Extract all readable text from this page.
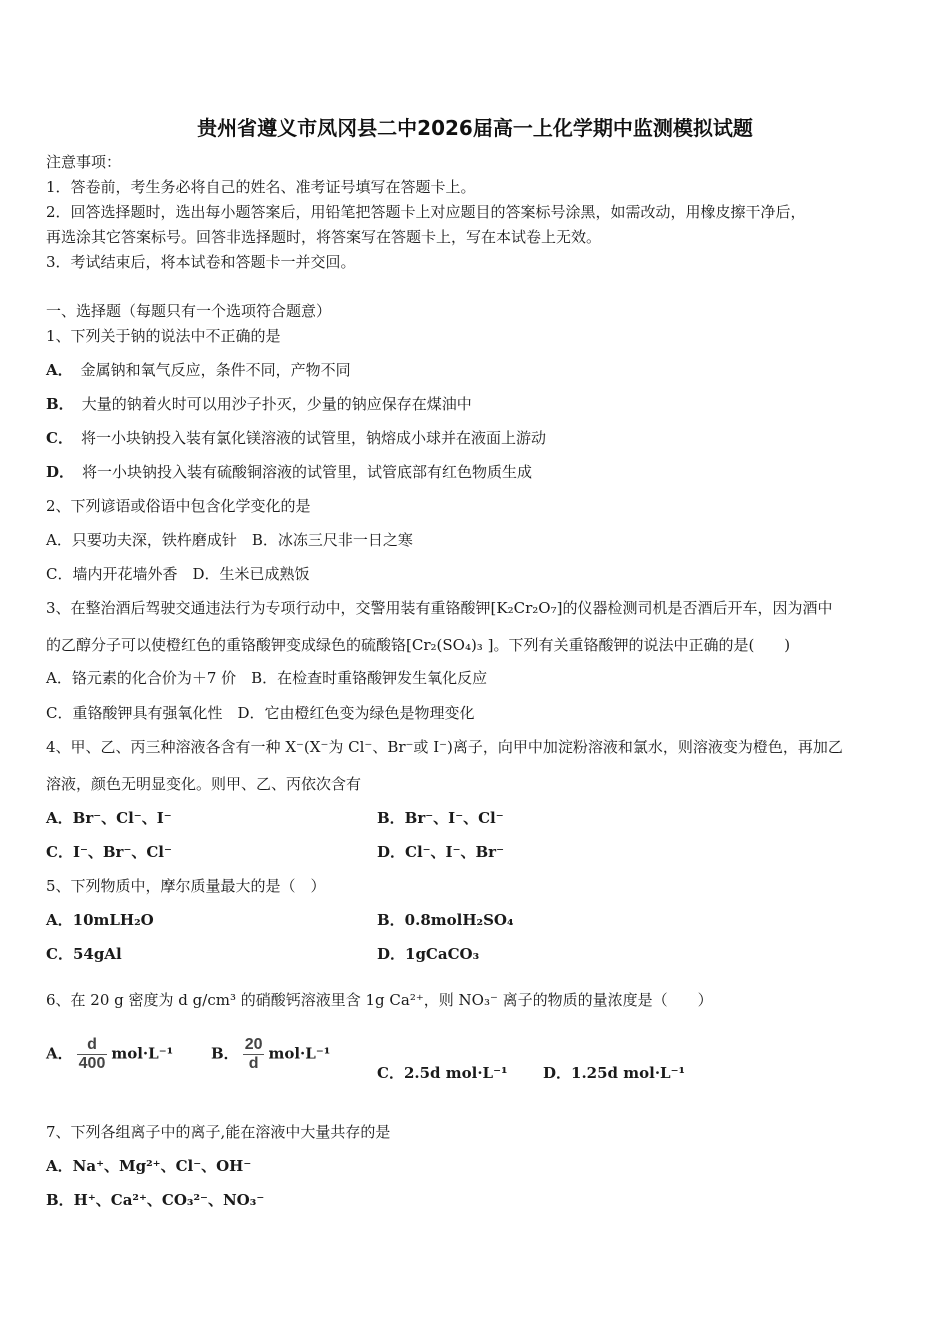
贵州省遵义市凤冈县二中2026届高一上化学期中监测模拟试题
注意事项：
1．答卷前，考生务必将自己的姓名、准考证号填写在答题卡上。
2．回答选择题时，选出每小题答案后，用铅笔把答题卡上对应题目的答案标号涂黑，如需改动，用橡皮擦干净后，
再选涂其它答案标号。回答非选择题时，将答案写在答题卡上，写在本试卷上无效。
3．考试结束后，将本试卷和答题卡一并交回。
一、选择题（每题只有一个选项符合题意）
1、下列关于钠的说法中不正确的是
A． 金属钠和氧气反应，条件不同，产物不同
B． 大量的钠着火时可以用沙子扑灭，少量的钠应保存在煤油中
C． 将一小块钠投入装有氯化镁溶液的试管里，钠熔成小球并在液面上游动
D． 将一小块钠投入装有硫酸铜溶液的试管里，试管底部有红色物质生成
2、下列谚语或俗语中包含化学变化的是
A．只要功夫深，铁杵磨成针　B．冰冻三尺非一日之寒
C．墙内开花墙外香　D．生米已成熟饭
3、在整治酒后驾驶交通违法行为专项行动中，交警用装有重铬酸钾[K₂Cr₂O₇]的仪器检测司机是否酒后开车，因为酒中
的乙醇分子可以使橙红色的重铬酸钾变成绿色的硫酸铬[Cr₂(SO₄)₃ ]。下列有关重铬酸钾的说法中正确的是(　　)
A．铬元素的化合价为＋7 价　B．在检查时重铬酸钾发生氧化反应
C．重铬酸钾具有强氧化性　D．它由橙红色变为绿色是物理变化
4、甲、乙、丙三种溶液各含有一种 X⁻(X⁻为 Cl⁻、Br⁻或 I⁻)离子，向甲中加淀粉溶液和氯水，则溶液变为橙色，再加乙
溶液，颜色无明显变化。则甲、乙、丙依次含有
A．Br⁻、Cl⁻、I⁻	B．Br⁻、I⁻、Cl⁻
C．I⁻、Br⁻、Cl⁻	D．Cl⁻、I⁻、Br⁻
5、下列物质中，摩尔质量最大的是（　）
A．10mLH₂O	B．0.8molH₂SO₄
C．54gAl	D．1gCaCO₃
6、在 20 g 密度为 d g/cm³ 的硝酸钙溶液里含 1g Ca²⁺，则 NO₃⁻ 离子的物质的量浓度是（　　）
A． $\frac{d}{400} mol\cdot L^{-1}$	B． $\frac{20}{d} mol\cdot L^{-1}$
C．2.5d mol·L⁻¹ D．1.25d mol·L⁻¹
7、下列各组离子中的离子,能在溶液中大量共存的是
A．Na⁺、Mg²⁺、Cl⁻、OH⁻
B．H⁺、Ca²⁺、CO₃²⁻、NO₃⁻
